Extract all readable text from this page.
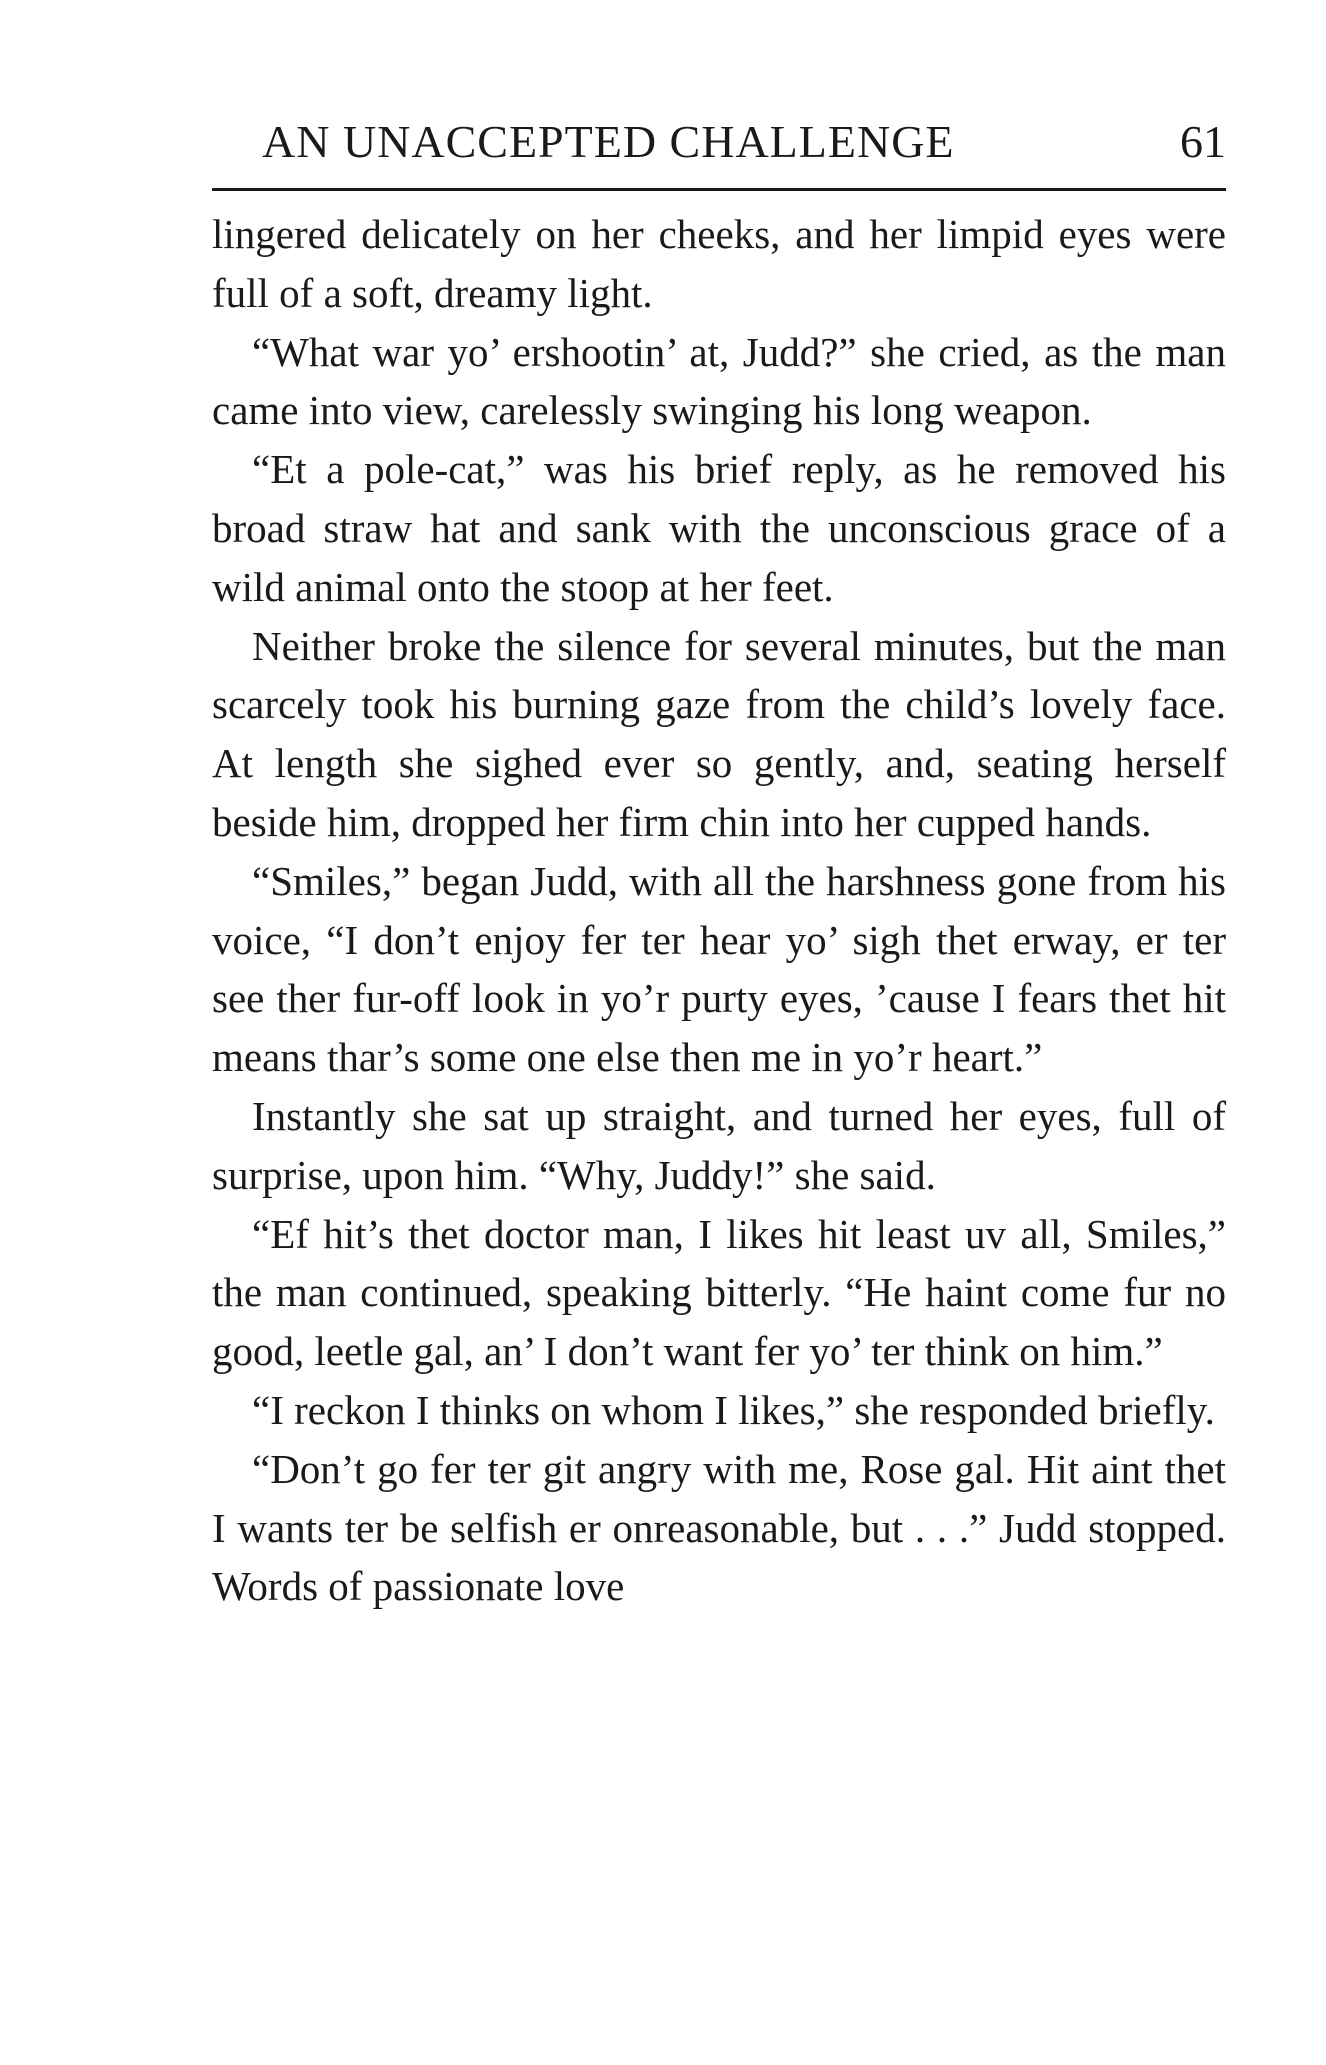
AN UNACCEPTED CHALLENGE	61

lingered delicately on her cheeks, and her limpid eyes were full of a soft, dreamy light.

“What war yo’ ershootin’ at, Judd?” she cried, as the man came into view, carelessly swinging his long weapon.

“Et a pole-cat,” was his brief reply, as he removed his broad straw hat and sank with the unconscious grace of a wild animal onto the stoop at her feet.

Neither broke the silence for several minutes, but the man scarcely took his burning gaze from the child’s lovely face. At length she sighed ever so gently, and, seating herself beside him, dropped her firm chin into her cupped hands.

“Smiles,” began Judd, with all the harshness gone from his voice, “I don’t enjoy fer ter hear yo’ sigh thet erway, er ter see ther fur-off look in yo’r purty eyes, ’cause I fears thet hit means thar’s some one else then me in yo’r heart.”

Instantly she sat up straight, and turned her eyes, full of surprise, upon him. “Why, Juddy!” she said.

“Ef hit’s thet doctor man, I likes hit least uv all, Smiles,” the man continued, speaking bitterly. “He haint come fur no good, leetle gal, an’ I don’t want fer yo’ ter think on him.”

“I reckon I thinks on whom I likes,” she responded briefly.

“Don’t go fer ter git angry with me, Rose gal. Hit aint thet I wants ter be selfish er onreasonable, but . . .” Judd stopped. Words of passionate love
